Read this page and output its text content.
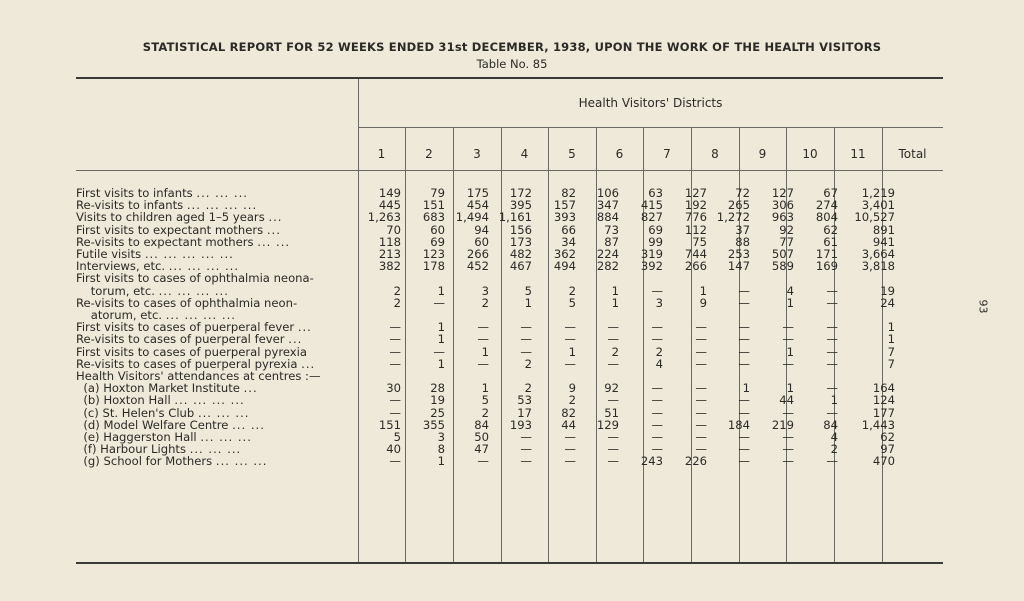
STATISTICAL REPORT FOR 52 WEEKS ENDED 31st DECEMBER, 1938, UPON THE WORK OF THE HEALTH VISITORS
Table No. 85
93
Health Visitors' Districts
1	2	3	4	5	6	7	8	9	10	11	Total
First visits to infants ... ... ...	149	79	175	172	82	106	63	127	72	127	67	1,219
Re-visits to infants ... ... ... ...	445	151	454	395	157	347	415	192	265	306	274	3,401
Visits to children aged 1–5 years ...	1,263	683	1,494	1,161	393	884	827	776	1,272	963	804	10,527
First visits to expectant mothers ...	70	60	94	156	66	73	69	112	37	92	62	891
Re-visits to expectant mothers ... ...	118	69	60	173	34	87	99	75	88	77	61	941
Futile visits ... ... ... ... ...	213	123	266	482	362	224	319	744	253	507	171	3,664
Interviews, etc. ... ... ... ...	382	178	452	467	494	282	392	266	147	589	169	3,818
First visits to cases of ophthalmia neona-												
torum, etc. ... ... ... ...	2	1	3	5	2	1	—	1	—	4	—	19
Re-visits to cases of ophthalmia neon-	2	—	2	1	5	1	3	9	—	1	—	24
atorum, etc. ... ... ... ...												
First visits to cases of puerperal fever ...	—	1	—	—	—	—	—	—	—	—	—	1
Re-visits to cases of puerperal fever ...	—	1	—	—	—	—	—	—	—	—	—	1
First visits to cases of puerperal pyrexia	—	—	1	—	1	2	2	—	—	1	—	7
Re-visits to cases of puerperal pyrexia ...	—	1	—	2	—	—	4	—	—	—	—	7
Health Visitors' attendances at centres :—												
(a) Hoxton Market Institute ...	30	28	1	2	9	92	—	—	1	1	—	164
(b) Hoxton Hall ... ... ... ...	—	19	5	53	2	—	—	—	—	44	1	124
(c) St. Helen's Club ... ... ...	—	25	2	17	82	51	—	—	—	—	—	177
(d) Model Welfare Centre ... ...	151	355	84	193	44	129	—	—	184	219	84	1,443
(e) Haggerston Hall ... ... ...	5	3	50	—	—	—	—	—	—	—	4	62
(f) Harbour Lights ... ... ...	40	8	47	—	—	—	—	—	—	—	2	97
(g) School for Mothers ... ... ...	—	1	—	—	—	—	243	226	—	—	—	470
